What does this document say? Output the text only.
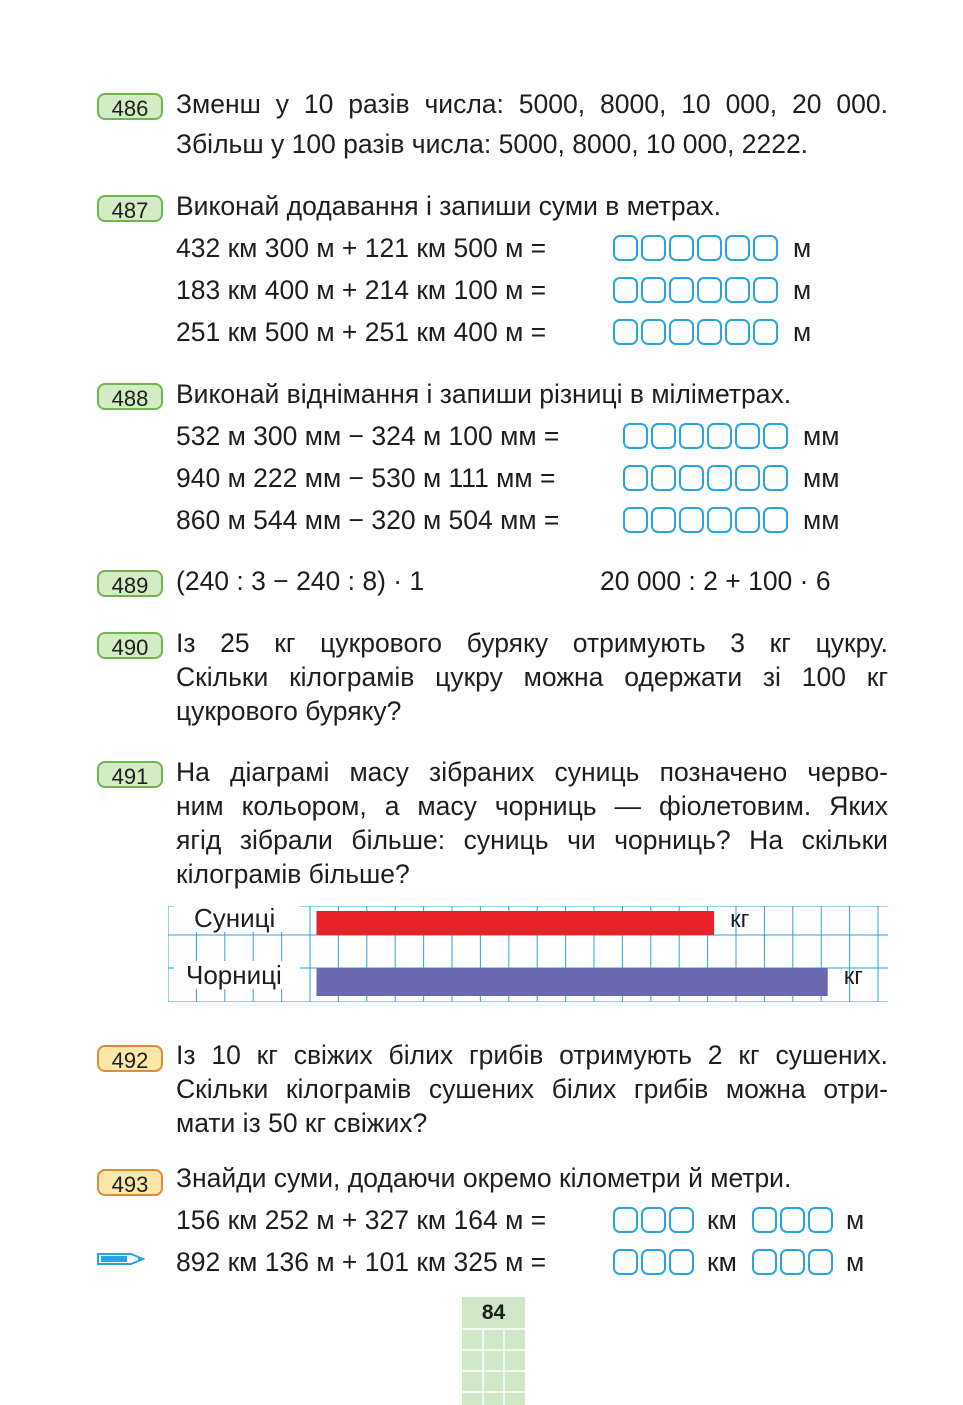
486	Зменш у 10 разів числа: 5000, 8000, 10 000, 20 000.
Збільш у 100 разів числа: 5000, 8000, 10 000, 2222.
487	Виконай додавання і запиши суми в метрах.
432 км 300 м + 121 км 500 м =	м
183 км 400 м + 214 км 100 м =	м
251 км 500 м + 251 км 400 м =	м
488	Виконай віднімання і запиши різниці в міліметрах.
532 м 300 мм − 324 м 100 мм =	мм
940 м 222 мм − 530 м 111 мм =	мм
860 м 544 мм − 320 м 504 мм =	мм
489	(240 : 3 − 240 : 8) · 1	20 000 : 2 + 100 · 6
490	Із 25 кг цукрового буряку отримують 3 кг цукру.
Скільки кілограмів цукру можна одержати зі 100 кг
цукрового буряку?
491	На діаграмі масу зібраних суниць позначено черво-
ним кольором, а масу чорниць — фіолетовим. Яких
ягід зібрали більше: суниць чи чорниць? На скільки
кілограмів більше?
Суниці	кг
Чорниці	кг
492	Із 10 кг свіжих білих грибів отримують 2 кг сушених.
Скільки кілограмів сушених білих грибів можна отри-
мати із 50 кг свіжих?
493	Знайди суми, додаючи окремо кілометри й метри.
156 км 252 м + 327 км 164 м =	км	м
892 км 136 м + 101 км 325 м =	км	м
84
